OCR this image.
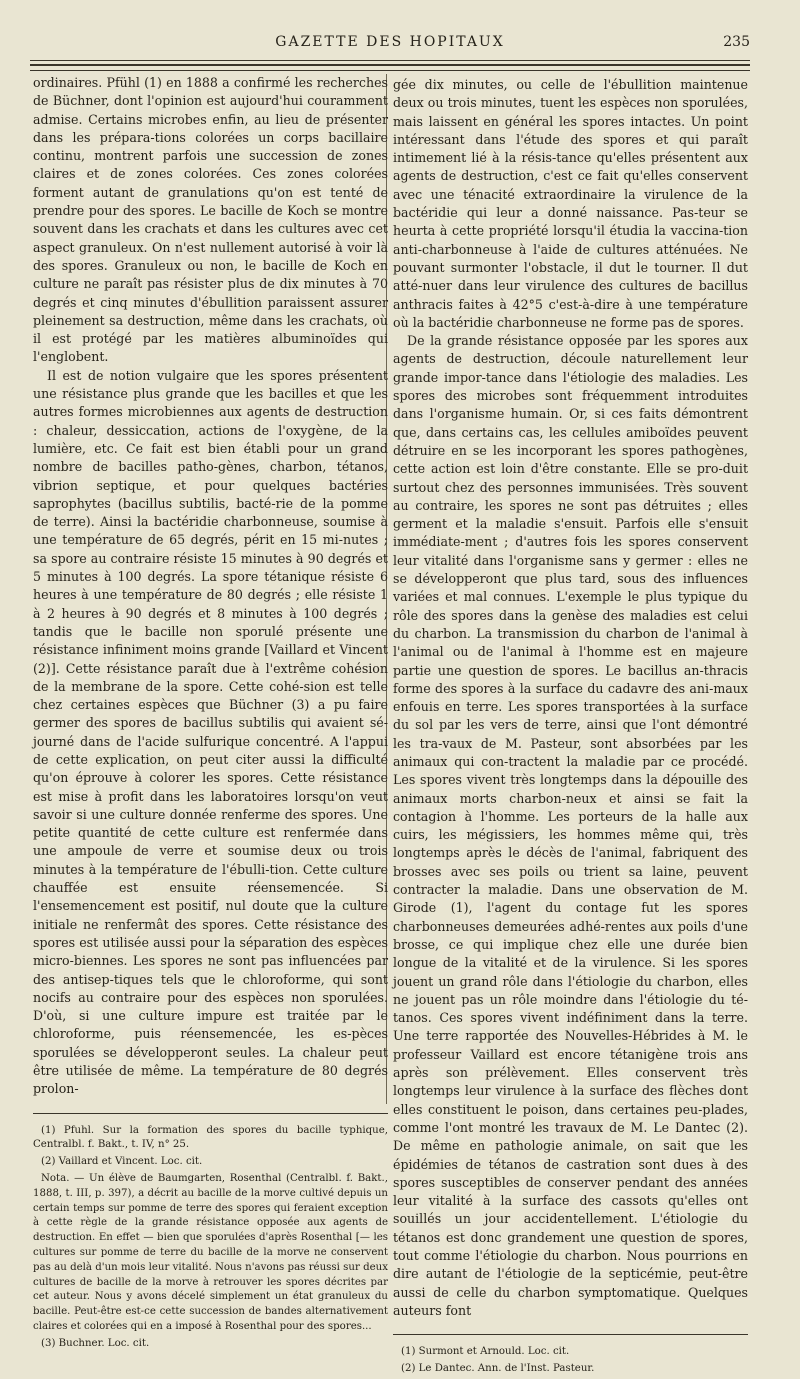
GAZETTE DES HOPITAUX	235

ordinaires. Pfühl (1) en 1888 a confirmé les recherches de Büchner, dont l'opinion est aujourd'hui couramment admise. Certains microbes enfin, au lieu de présenter dans les prépara-tions colorées un corps bacillaire continu, montrent parfois une succession de zones claires et de zones colorées. Ces zones colorées forment autant de granulations qu'on est tenté de prendre pour des spores. Le bacille de Koch se montre souvent dans les crachats et dans les cultures avec cet aspect granuleux. On n'est nullement autorisé à voir là des spores. Granuleux ou non, le bacille de Koch en culture ne paraît pas résister plus de dix minutes à 70 degrés et cinq minutes d'ébullition paraissent assurer pleinement sa destruction, même dans les crachats, où il est protégé par les matières albuminoïdes qui l'englobent.

Il est de notion vulgaire que les spores présentent une résistance plus grande que les bacilles et que les autres formes microbiennes aux agents de destruction : chaleur, dessiccation, actions de l'oxygène, de la lumière, etc. Ce fait est bien établi pour un grand nombre de bacilles patho-gènes, charbon, tétanos, vibrion septique, et pour quelques bactéries saprophytes (bacillus subtilis, bacté-rie de la pomme de terre). Ainsi la bactéridie charbonneuse, soumise à une température de 65 degrés, périt en 15 mi-nutes ; sa spore au contraire résiste 15 minutes à 90 degrés et 5 minutes à 100 degrés. La spore tétanique résiste 6 heures à une température de 80 degrés ; elle résiste 1 à 2 heures à 90 degrés et 8 minutes à 100 degrés ; tandis que le bacille non sporulé présente une résistance infiniment moins grande [Vaillard et Vincent (2)]. Cette résistance paraît due à l'extrême cohésion de la membrane de la spore. Cette cohé-sion est telle chez certaines espèces que Büchner (3) a pu faire germer des spores de bacillus subtilis qui avaient sé-journé dans de l'acide sulfurique concentré. A l'appui de cette explication, on peut citer aussi la difficulté qu'on éprouve à colorer les spores. Cette résistance est mise à profit dans les laboratoires lorsqu'on veut savoir si une culture donnée renferme des spores. Une petite quantité de cette culture est renfermée dans une ampoule de verre et soumise deux ou trois minutes à la température de l'ébulli-tion. Cette culture chauffée est ensuite réensemencée. Si l'ensemencement est positif, nul doute que la culture initiale ne renfermât des spores. Cette résistance des spores est utilisée aussi pour la séparation des espèces micro-biennes. Les spores ne sont pas influencées par des antisep-tiques tels que le chloroforme, qui sont nocifs au contraire pour des espèces non sporulées. D'où, si une culture impure est traitée par le chloroforme, puis réensemencée, les es-pèces sporulées se développeront seules. La chaleur peut être utilisée de même. La température de 80 degrés prolon-

(1) Pfuhl. Sur la formation des spores du bacille typhique, Centralbl. f. Bakt., t. IV, n° 25.

(2) Vaillard et Vincent. Loc. cit.

Nota. — Un élève de Baumgarten, Rosenthal (Centralbl. f. Bakt., 1888, t. III, p. 397), a décrit au bacille de la morve cultivé depuis un certain temps sur pomme de terre des spores qui feraient exception à cette règle de la grande résistance opposée aux agents de destruction. En effet — bien que sporulées d'après Rosenthal [— les cultures sur pomme de terre du bacille de la morve ne conservent pas au delà d'un mois leur vitalité. Nous n'avons pas réussi sur deux cultures de bacille de la morve à retrouver les spores décrites par cet auteur. Nous y avons décelé simplement un état granuleux du bacille. Peut-être est-ce cette succession de bandes alternativement claires et colorées qui en a imposé à Rosenthal pour des spores...

(3) Buchner. Loc. cit.

gée dix minutes, ou celle de l'ébullition maintenue deux ou trois minutes, tuent les espèces non sporulées, mais laissent en général les spores intactes. Un point intéressant dans l'étude des spores et qui paraît intimement lié à la résis-tance qu'elles présentent aux agents de destruction, c'est ce fait qu'elles conservent avec une ténacité extraordinaire la virulence de la bactéridie qui leur a donné naissance. Pas-teur se heurta à cette propriété lorsqu'il étudia la vaccina-tion anti-charbonneuse à l'aide de cultures atténuées. Ne pouvant surmonter l'obstacle, il dut le tourner. Il dut atté-nuer dans leur virulence des cultures de bacillus anthracis faites à 42°5 c'est-à-dire à une température où la bactéridie charbonneuse ne forme pas de spores.

De la grande résistance opposée par les spores aux agents de destruction, découle naturellement leur grande impor-tance dans l'étiologie des maladies. Les spores des microbes sont fréquemment introduites dans l'organisme humain. Or, si ces faits démontrent que, dans certains cas, les cellules amiboïdes peuvent détruire en se les incorporant les spores pathogènes, cette action est loin d'être constante. Elle se pro-duit surtout chez des personnes immunisées. Très souvent au contraire, les spores ne sont pas détruites ; elles germent et la maladie s'ensuit. Parfois elle s'ensuit immédiate-ment ; d'autres fois les spores conservent leur vitalité dans l'organisme sans y germer : elles ne se développeront que plus tard, sous des influences variées et mal connues. L'exemple le plus typique du rôle des spores dans la genèse des maladies est celui du charbon. La transmission du charbon de l'animal à l'animal ou de l'animal à l'homme est en majeure partie une question de spores. Le bacillus an-thracis forme des spores à la surface du cadavre des ani-maux enfouis en terre. Les spores transportées à la surface du sol par les vers de terre, ainsi que l'ont démontré les tra-vaux de M. Pasteur, sont absorbées par les animaux qui con-tractent la maladie par ce procédé. Les spores vivent très longtemps dans la dépouille des animaux morts charbon-neux et ainsi se fait la contagion à l'homme. Les porteurs de la halle aux cuirs, les mégissiers, les hommes même qui, très longtemps après le décès de l'animal, fabriquent des brosses avec ses poils ou trient sa laine, peuvent contracter la maladie. Dans une observation de M. Girode (1), l'agent du contage fut les spores charbonneuses demeurées adhé-rentes aux poils d'une brosse, ce qui implique chez elle une durée bien longue de la vitalité et de la virulence. Si les spores jouent un grand rôle dans l'étiologie du charbon, elles ne jouent pas un rôle moindre dans l'étiologie du té-tanos. Ces spores vivent indéfiniment dans la terre. Une terre rapportée des Nouvelles-Hébrides à M. le professeur Vaillard est encore tétanigène trois ans après son prélèvement. Elles conservent très longtemps leur virulence à la surface des flèches dont elles constituent le poison, dans certaines peu-plades, comme l'ont montré les travaux de M. Le Dantec (2). De même en pathologie animale, on sait que les épidémies de tétanos de castration sont dues à des spores susceptibles de conserver pendant des années leur vitalité à la surface des cassots qu'elles ont souillés un jour accidentellement. L'étiologie du tétanos est donc grandement une question de spores, tout comme l'étiologie du charbon. Nous pourrions en dire autant de l'étiologie de la septicémie, peut-être aussi de celle du charbon symptomatique. Quelques auteurs font

(1) Surmont et Arnould. Loc. cit.

(2) Le Dantec. Ann. de l'Inst. Pasteur.
